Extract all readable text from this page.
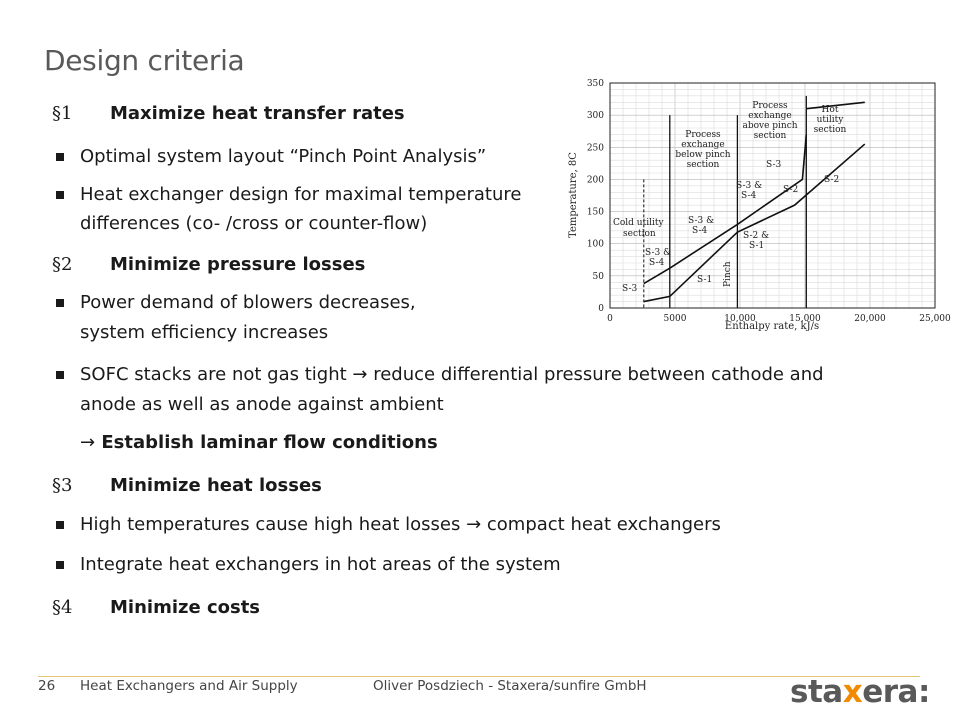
Design criteria
§1 Maximize heat transfer rates
Optimal system layout “Pinch Point Analysis”
Heat exchanger design for maximal temperature
differences (co- /cross or counter-flow)
§2 Minimize pressure losses
Power demand of blowers decreases,
system efficiency increases
SOFC stacks are not gas tight → reduce differential pressure between cathode and
anode as well as anode against ambient
→ Establish laminar flow conditions
§3 Minimize heat losses
High temperatures cause high heat losses → compact heat exchangers
Integrate heat exchangers in hot areas of the system
§4 Minimize costs
0
50
100
150
200
250
300
350
0	5000	10,000	15,000	20,000	25,000
Enthalpy rate, kJ/s
Temperature, 8C	Cold utility section
Process exchange below pinch section
Process exchange above pinch section
Hot utility section
S-3
S-3 & S-4
S-1
S-3 & S-4
Pinch
S-2 & S-1
S-3
S-3 & S-4
S-2
S-2
26 Heat Exchangers and Air Supply	Oliver Posdziech - Staxera/sunfire GmbH	staxera:
